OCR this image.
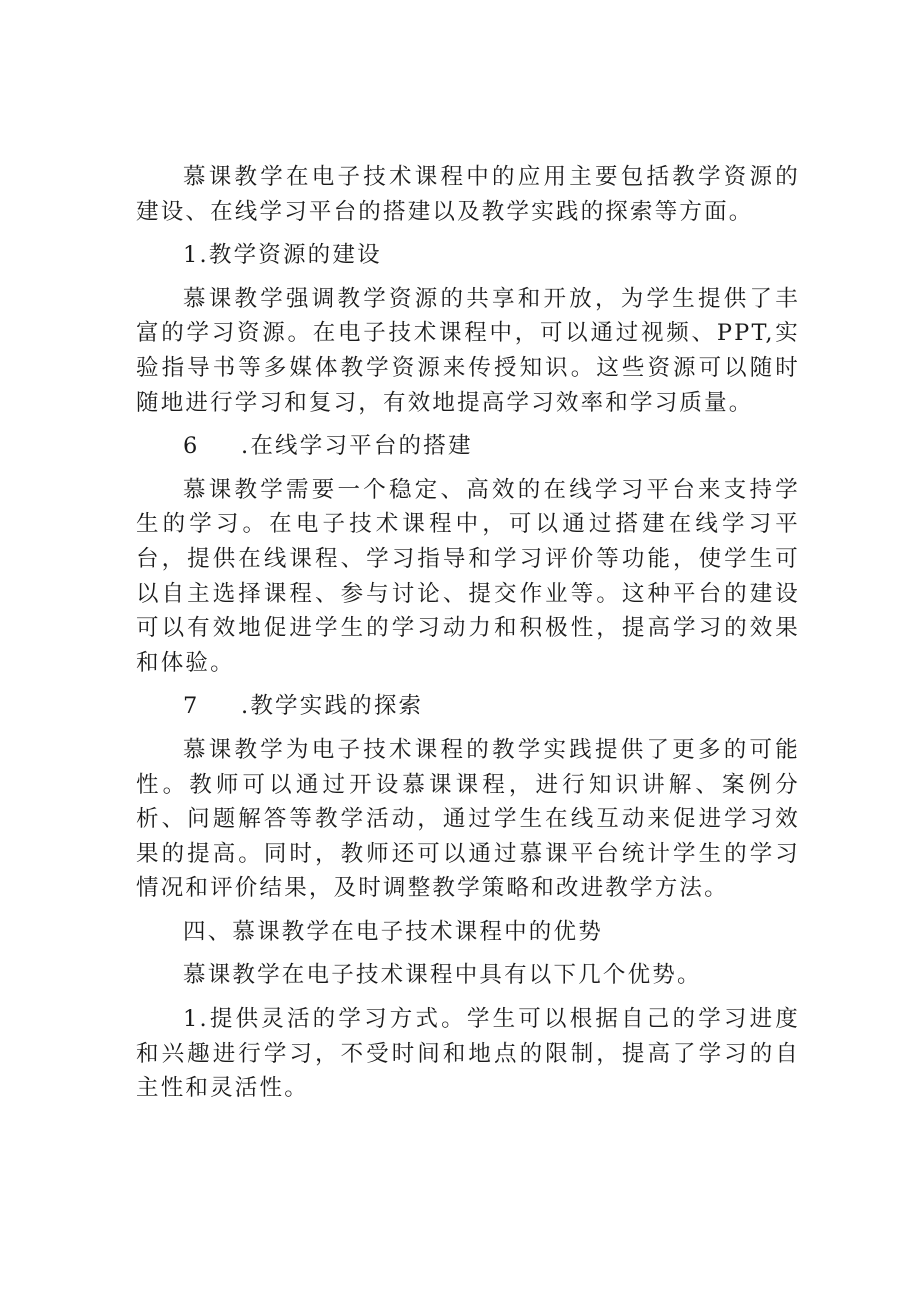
慕课教学在电子技术课程中的应用主要包括教学资源的建设、在线学习平台的搭建以及教学实践的探索等方面。

1.教学资源的建设

慕课教学强调教学资源的共享和开放，为学生提供了丰富的学习资源。在电子技术课程中，可以通过视频、PPT,实验指导书等多媒体教学资源来传授知识。这些资源可以随时随地进行学习和复习，有效地提高学习效率和学习质量。

6 .在线学习平台的搭建

慕课教学需要一个稳定、高效的在线学习平台来支持学生的学习。在电子技术课程中，可以通过搭建在线学习平台，提供在线课程、学习指导和学习评价等功能，使学生可以自主选择课程、参与讨论、提交作业等。这种平台的建设可以有效地促进学生的学习动力和积极性，提高学习的效果和体验。

7 .教学实践的探索

慕课教学为电子技术课程的教学实践提供了更多的可能性。教师可以通过开设慕课课程，进行知识讲解、案例分析、问题解答等教学活动，通过学生在线互动来促进学习效果的提高。同时，教师还可以通过慕课平台统计学生的学习情况和评价结果，及时调整教学策略和改进教学方法。

四、慕课教学在电子技术课程中的优势

慕课教学在电子技术课程中具有以下几个优势。

1.提供灵活的学习方式。学生可以根据自己的学习进度和兴趣进行学习，不受时间和地点的限制，提高了学习的自主性和灵活性。
